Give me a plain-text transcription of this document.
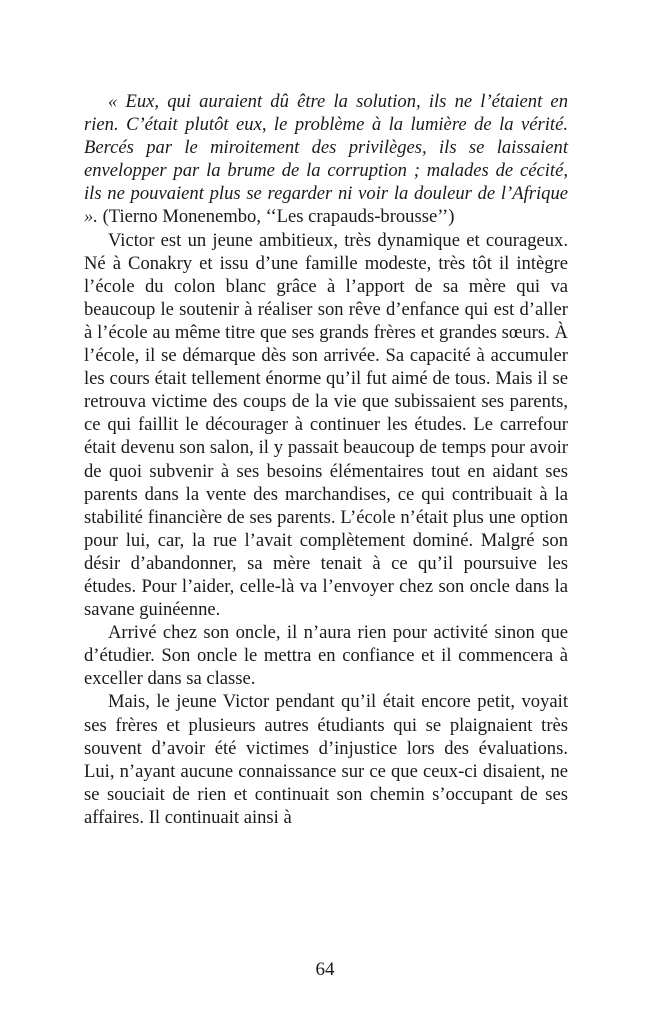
« Eux, qui auraient dû être la solution, ils ne l’étaient en rien. C’était plutôt eux, le problème à la lumière de la vérité. Bercés par le miroitement des privilèges, ils se laissaient envelopper par la brume de la corruption ; malades de cécité, ils ne pouvaient plus se regarder ni voir la douleur de l’Afrique ». (Tierno Monenembo, ‘‘Les crapauds-brousse’’)

Victor est un jeune ambitieux, très dynamique et courageux. Né à Conakry et issu d’une famille modeste, très tôt il intègre l’école du colon blanc grâce à l’apport de sa mère qui va beaucoup le soutenir à réaliser son rêve d’enfance qui est d’aller à l’école au même titre que ses grands frères et grandes sœurs. À l’école, il se démarque dès son arrivée. Sa capacité à accumuler les cours était tellement énorme qu’il fut aimé de tous. Mais il se retrouva victime des coups de la vie que subissaient ses parents, ce qui faillit le décourager à continuer les études. Le carrefour était devenu son salon, il y passait beaucoup de temps pour avoir de quoi subvenir à ses besoins élémentaires tout en aidant ses parents dans la vente des marchandises, ce qui contribuait à la stabilité financière de ses parents. L’école n’était plus une option pour lui, car, la rue l’avait complètement dominé. Malgré son désir d’abandonner, sa mère tenait à ce qu’il poursuive les études. Pour l’aider, celle-là va l’envoyer chez son oncle dans la savane guinéenne.

Arrivé chez son oncle, il n’aura rien pour activité sinon que d’étudier. Son oncle le mettra en confiance et il commencera à exceller dans sa classe.

Mais, le jeune Victor pendant qu’il était encore petit, voyait ses frères et plusieurs autres étudiants qui se plaignaient très souvent d’avoir été victimes d’injustice lors des évaluations. Lui, n’ayant aucune connaissance sur ce que ceux-ci disaient, ne se souciait de rien et continuait son chemin s’occupant de ses affaires. Il continuait ainsi à

64
